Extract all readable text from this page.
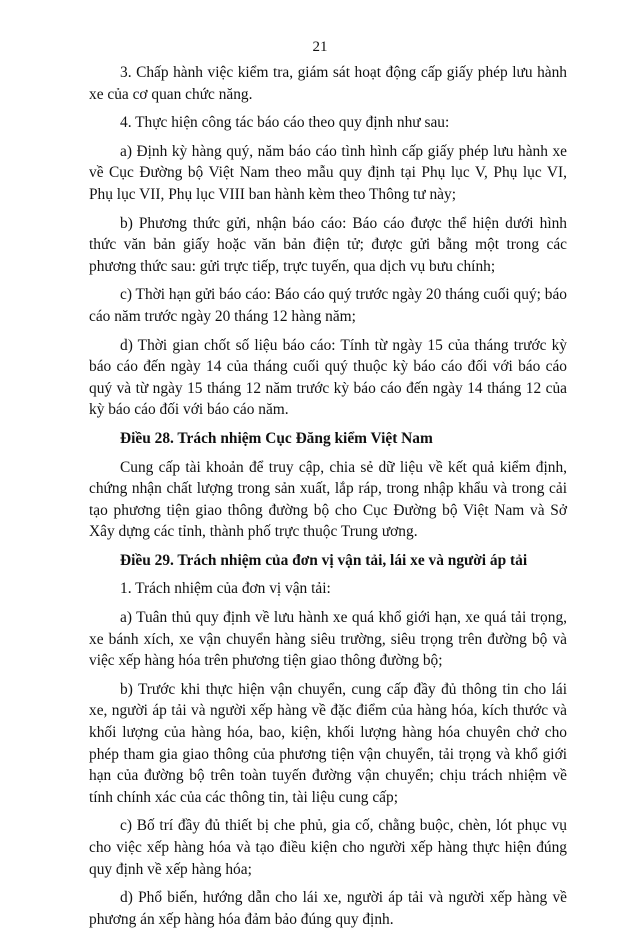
21

3. Chấp hành việc kiểm tra, giám sát hoạt động cấp giấy phép lưu hành xe của cơ quan chức năng.

4. Thực hiện công tác báo cáo theo quy định như sau:

a) Định kỳ hàng quý, năm báo cáo tình hình cấp giấy phép lưu hành xe về Cục Đường bộ Việt Nam theo mẫu quy định tại Phụ lục V, Phụ lục VI, Phụ lục VII, Phụ lục VIII ban hành kèm theo Thông tư này;

b) Phương thức gửi, nhận báo cáo: Báo cáo được thể hiện dưới hình thức văn bản giấy hoặc văn bản điện tử; được gửi bằng một trong các phương thức sau: gửi trực tiếp, trực tuyến, qua dịch vụ bưu chính;

c) Thời hạn gửi báo cáo: Báo cáo quý trước ngày 20 tháng cuối quý; báo cáo năm trước ngày 20 tháng 12 hàng năm;

d) Thời gian chốt số liệu báo cáo: Tính từ ngày 15 của tháng trước kỳ báo cáo đến ngày 14 của tháng cuối quý thuộc kỳ báo cáo đối với báo cáo quý và từ ngày 15 tháng 12 năm trước kỳ báo cáo đến ngày 14 tháng 12 của kỳ báo cáo đối với báo cáo năm.

Điều 28. Trách nhiệm Cục Đăng kiểm Việt Nam

Cung cấp tài khoản để truy cập, chia sẻ dữ liệu về kết quả kiểm định, chứng nhận chất lượng trong sản xuất, lắp ráp, trong nhập khẩu và trong cải tạo phương tiện giao thông đường bộ cho Cục Đường bộ Việt Nam và Sở Xây dựng các tỉnh, thành phố trực thuộc Trung ương.

Điều 29. Trách nhiệm của đơn vị vận tải, lái xe và người áp tải

1. Trách nhiệm của đơn vị vận tải:

a) Tuân thủ quy định về lưu hành xe quá khổ giới hạn, xe quá tải trọng, xe bánh xích, xe vận chuyển hàng siêu trường, siêu trọng trên đường bộ và việc xếp hàng hóa trên phương tiện giao thông đường bộ;

b) Trước khi thực hiện vận chuyển, cung cấp đầy đủ thông tin cho lái xe, người áp tải và người xếp hàng về đặc điểm của hàng hóa, kích thước và khối lượng của hàng hóa, bao, kiện, khối lượng hàng hóa chuyên chở cho phép tham gia giao thông của phương tiện vận chuyển, tải trọng và khổ giới hạn của đường bộ trên toàn tuyến đường vận chuyển; chịu trách nhiệm về tính chính xác của các thông tin, tài liệu cung cấp;

c) Bố trí đầy đủ thiết bị che phủ, gia cố, chằng buộc, chèn, lót phục vụ cho việc xếp hàng hóa và tạo điều kiện cho người xếp hàng thực hiện đúng quy định về xếp hàng hóa;

d) Phổ biến, hướng dẫn cho lái xe, người áp tải và người xếp hàng về phương án xếp hàng hóa đảm bảo đúng quy định.
